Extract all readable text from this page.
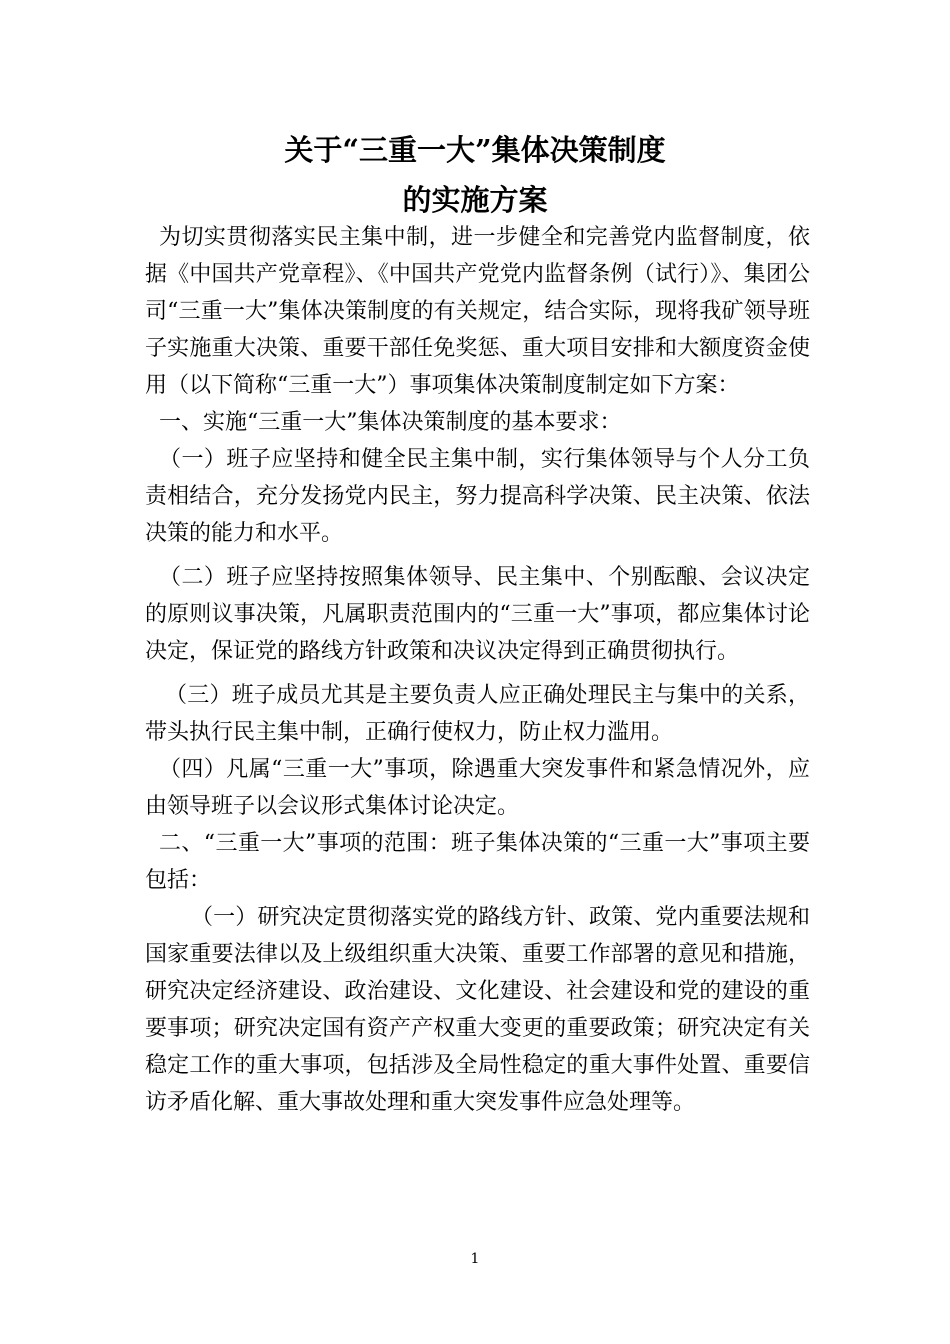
关于“三重一大”集体决策制度
的实施方案

为切实贯彻落实民主集中制，进一步健全和完善党内监督制度，依据《中国共产党章程》、《中国共产党党内监督条例（试行）》、集团公司“三重一大”集体决策制度的有关规定，结合实际，现将我矿领导班子实施重大决策、重要干部任免奖惩、重大项目安排和大额度资金使用（以下简称“三重一大”）事项集体决策制度制定如下方案：

一、实施“三重一大”集体决策制度的基本要求：

（一）班子应坚持和健全民主集中制，实行集体领导与个人分工负责相结合，充分发扬党内民主，努力提高科学决策、民主决策、依法决策的能力和水平。

（二）班子应坚持按照集体领导、民主集中、个别酝酿、会议决定的原则议事决策，凡属职责范围内的“三重一大”事项，都应集体讨论决定，保证党的路线方针政策和决议决定得到正确贯彻执行。

（三）班子成员尤其是主要负责人应正确处理民主与集中的关系，带头执行民主集中制，正确行使权力，防止权力滥用。

（四）凡属“三重一大”事项，除遇重大突发事件和紧急情况外，应由领导班子以会议形式集体讨论决定。

二、“三重一大”事项的范围：班子集体决策的“三重一大”事项主要包括：

（一）研究决定贯彻落实党的路线方针、政策、党内重要法规和国家重要法律以及上级组织重大决策、重要工作部署的意见和措施，研究决定经济建设、政治建设、文化建设、社会建设和党的建设的重要事项；研究决定国有资产产权重大变更的重要政策；研究决定有关稳定工作的重大事项，包括涉及全局性稳定的重大事件处置、重要信访矛盾化解、重大事故处理和重大突发事件应急处理等。

1
